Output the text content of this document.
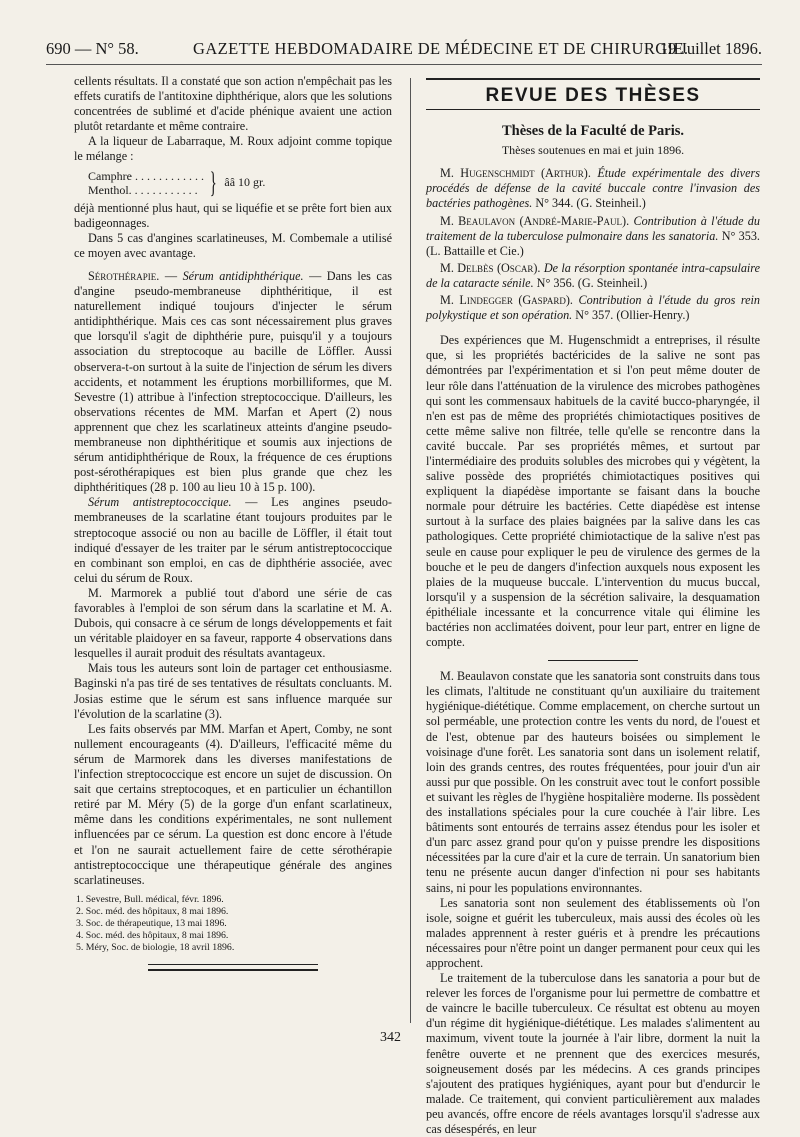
690 — N° 58.	GAZETTE HEBDOMADAIRE DE MÉDECINE ET DE CHIRURGIE.
19 Juillet 1896.

cellents résultats. Il a constaté que son action n'empêchait pas les effets curatifs de l'antitoxine diphthérique, alors que les solutions concentrées de sublimé et d'acide phénique avaient une action plutôt retardante et même contraire.

A la liqueur de Labarraque, M. Roux adjoint comme topique le mélange :

Camphre . . . . . . . . . . . .
Menthol. . . . . . . . . . . . } ââ 10 gr.

déjà mentionné plus haut, qui se liquéfie et se prête fort bien aux badigeonnages.

Dans 5 cas d'angines scarlatineuses, M. Combemale a utilisé ce moyen avec avantage.

Sérothérapie. — Sérum antidiphthérique. — Dans les cas d'angine pseudo-membraneuse diphthéritique, il est naturellement indiqué toujours d'injecter le sérum antidiphthérique. Mais ces cas sont nécessairement plus graves que lorsqu'il s'agit de diphthérie pure, puisqu'il y a toujours association du streptocoque au bacille de Löffler. Aussi observera-t-on surtout à la suite de l'injection de sérum les divers accidents, et notamment les éruptions morbilliformes, que M. Sevestre (1) attribue à l'infection streptococcique. D'ailleurs, les observations récentes de MM. Marfan et Apert (2) nous apprennent que chez les scarlatineux atteints d'angine pseudo-membraneuse non diphthéritique et soumis aux injections de sérum antidiphthérique de Roux, la fréquence de ces éruptions post-sérothérapiques est bien plus grande que chez les diphthéritiques (28 p. 100 au lieu 10 à 15 p. 100).

Sérum antistreptococcique. — Les angines pseudo-membraneuses de la scarlatine étant toujours produites par le streptocoque associé ou non au bacille de Löffler, il était tout indiqué d'essayer de les traiter par le sérum antistreptococcique en combinant son emploi, en cas de diphthérie associée, avec celui du sérum de Roux.

M. Marmorek a publié tout d'abord une série de cas favorables à l'emploi de son sérum dans la scarlatine et M. A. Dubois, qui consacre à ce sérum de longs développements et fait un véritable plaidoyer en sa faveur, rapporte 4 observations dans lesquelles il aurait produit des résultats avantageux.

Mais tous les auteurs sont loin de partager cet enthousiasme. Baginski n'a pas tiré de ses tentatives de résultats concluants. M. Josias estime que le sérum est sans influence marquée sur l'évolution de la scarlatine (3).

Les faits observés par MM. Marfan et Apert, Comby, ne sont nullement encourageants (4). D'ailleurs, l'efficacité même du sérum de Marmorek dans les diverses manifestations de l'infection streptococcique est encore un sujet de discussion. On sait que certains streptocoques, et en particulier un échantillon retiré par M. Méry (5) de la gorge d'un enfant scarlatineux, même dans les conditions expérimentales, ne sont nullement influencées par ce sérum. La question est donc encore à l'étude et l'on ne saurait actuellement faire de cette sérothérapie antistreptococcique une thérapeutique générale des angines scarlatineuses.

1. Sevestre, Bull. médical, févr. 1896.
2. Soc. méd. des hôpitaux, 8 mai 1896.
3. Soc. de thérapeutique, 13 mai 1896.
4. Soc. méd. des hôpitaux, 8 mai 1896.
5. Méry, Soc. de biologie, 18 avril 1896.
REVUE DES THÈSES
Thèses de la Faculté de Paris.
Thèses soutenues en mai et juin 1896.

M. Hugenschmidt (Arthur). Étude expérimentale des divers procédés de défense de la cavité buccale contre l'invasion des bactéries pathogènes. N° 344. (G. Steinheil.)

M. Beaulavon (André-Marie-Paul). Contribution à l'étude du traitement de la tuberculose pulmonaire dans les sanatoria. N° 353. (L. Battaille et Cie.)

M. Delbès (Oscar). De la résorption spontanée intra-capsulaire de la cataracte sénile. N° 356. (G. Steinheil.)

M. Lindegger (Gaspard). Contribution à l'étude du gros rein polykystique et son opération. N° 357. (Ollier-Henry.)

Des expériences que M. Hugenschmidt a entreprises, il résulte que, si les propriétés bactéricides de la salive ne sont pas démontrées par l'expérimentation et si l'on peut même douter de leur rôle dans l'atténuation de la virulence des microbes pathogènes qui sont les commensaux habituels de la cavité bucco-pharyngée, il n'en est pas de même des propriétés chimiotactiques positives de cette même salive non filtrée, telle qu'elle se rencontre dans la cavité buccale. Par ses propriétés mêmes, et surtout par l'intermédiaire des produits solubles des microbes qui y végètent, la salive possède des propriétés chimiotactiques positives qui expliquent la diapédèse importante se faisant dans la bouche normale pour détruire les bactéries. Cette diapédèse est intense surtout à la surface des plaies baignées par la salive dans les cas pathologiques. Cette propriété chimiotactique de la salive n'est pas seule en cause pour expliquer le peu de virulence des germes de la bouche et le peu de dangers d'infection auxquels nous exposent les plaies de la muqueuse buccale. L'intervention du mucus buccal, lorsqu'il y a suspension de la sécrétion salivaire, la desquamation épithéliale incessante et la concurrence vitale qui élimine les bactéries non acclimatées doivent, pour leur part, entrer en ligne de compte.

M. Beaulavon constate que les sanatoria sont construits dans tous les climats, l'altitude ne constituant qu'un auxiliaire du traitement hygiénique-diététique. Comme emplacement, on cherche surtout un sol perméable, une protection contre les vents du nord, de l'ouest et de l'est, obtenue par des hauteurs boisées ou simplement le voisinage d'une forêt. Les sanatoria sont dans un isolement relatif, loin des grands centres, des routes fréquentées, pour jouir d'un air aussi pur que possible. On les construit avec tout le confort possible et suivant les règles de l'hygiène hospitalière moderne. Ils possèdent des installations spéciales pour la cure couchée à l'air libre. Les bâtiments sont entourés de terrains assez étendus pour les isoler et d'un parc assez grand pour qu'on y puisse prendre les dispositions nécessitées par la cure d'air et la cure de terrain. Un sanatorium bien tenu ne présente aucun danger d'infection ni pour ses habitants sains, ni pour les populations environnantes.

Les sanatoria sont non seulement des établissements où l'on isole, soigne et guérit les tuberculeux, mais aussi des écoles où les malades apprennent à rester guéris et à prendre les précautions nécessaires pour n'être point un danger permanent pour ceux qui les approchent.

Le traitement de la tuberculose dans les sanatoria a pour but de relever les forces de l'organisme pour lui permettre de combattre et de vaincre le bacille tuberculeux. Ce résultat est obtenu au moyen d'un régime dit hygiénique-diététique. Les malades s'alimentent au maximum, vivent toute la journée à l'air libre, dorment la nuit la fenêtre ouverte et ne prennent que des exercices mesurés, soigneusement dosés par les médecins. A ces grands principes s'ajoutent des pratiques hygiéniques, ayant pour but d'endurcir le malade. Ce traitement, qui convient particulièrement aux malades peu avancés, offre encore de réels avantages lorsqu'il s'adresse aux cas désespérés, en leur

342
